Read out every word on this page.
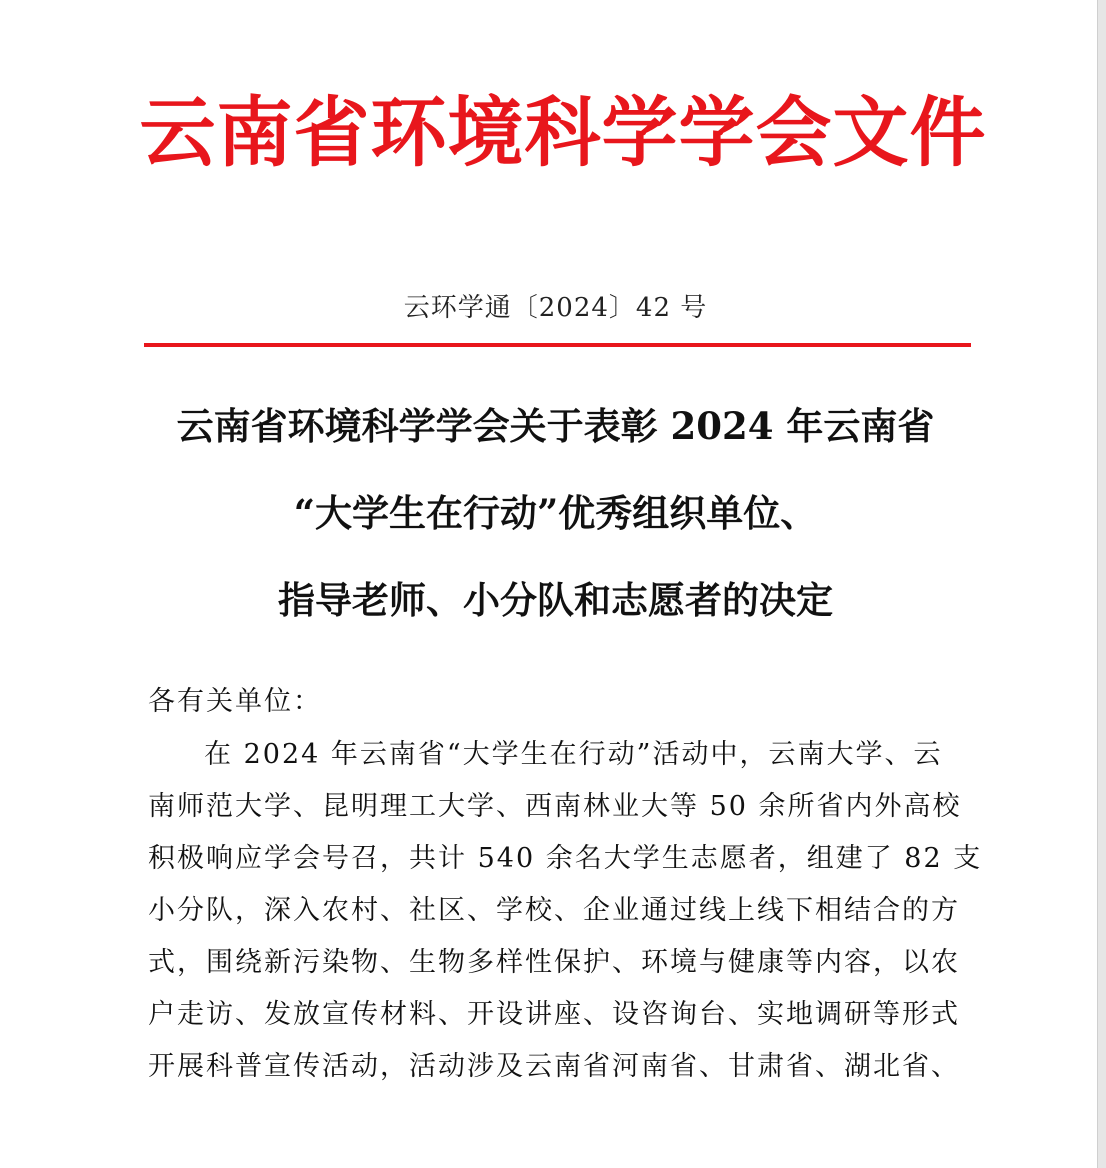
云南省环境科学学会文件
云环学通〔2024〕42 号
云南省环境科学学会关于表彰 2024 年云南省
“大学生在行动”优秀组织单位、
指导老师、小分队和志愿者的决定
各有关单位：
在 2024 年云南省“大学生在行动”活动中，云南大学、云
南师范大学、昆明理工大学、西南林业大等 50 余所省内外高校
积极响应学会号召，共计 540 余名大学生志愿者，组建了 82 支
小分队，深入农村、社区、学校、企业通过线上线下相结合的方
式，围绕新污染物、生物多样性保护、环境与健康等内容，以农
户走访、发放宣传材料、开设讲座、设咨询台、实地调研等形式
开展科普宣传活动，活动涉及云南省河南省、甘肃省、湖北省、
